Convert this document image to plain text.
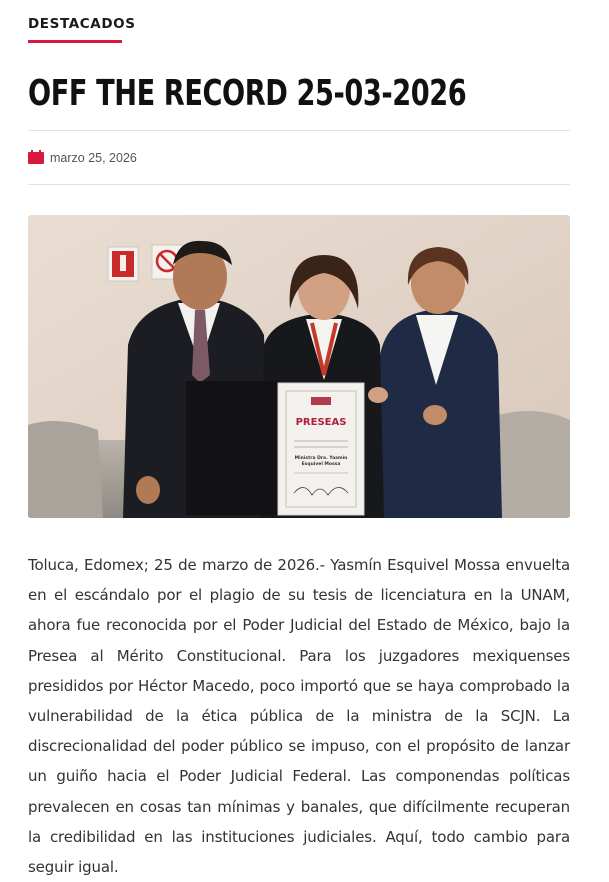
DESTACADOS
OFF THE RECORD 25-03-2026
marzo 25, 2026
PRESEAS
Ministra Dra. Yasmín
Esquivel Mossa

Toluca, Edomex; 25 de marzo de 2026.- Yasmín Esquivel Mossa envuelta en el escándalo por el plagio de su tesis de licenciatura en la UNAM, ahora fue reconocida por el Poder Judicial del Estado de México, bajo la Presea al Mérito Constitucional. Para los juzgadores mexiquenses presididos por Héctor Macedo, poco importó que se haya comprobado la vulnerabilidad de la ética pública de la ministra de la SCJN. La discrecionalidad del poder público se impuso, con el propósito de lanzar un guiño hacia el Poder Judicial Federal. Las componendas políticas prevalecen en cosas tan mínimas y banales, que difícilmente recuperan la credibilidad en las instituciones judiciales. Aquí, todo cambio para seguir igual.
